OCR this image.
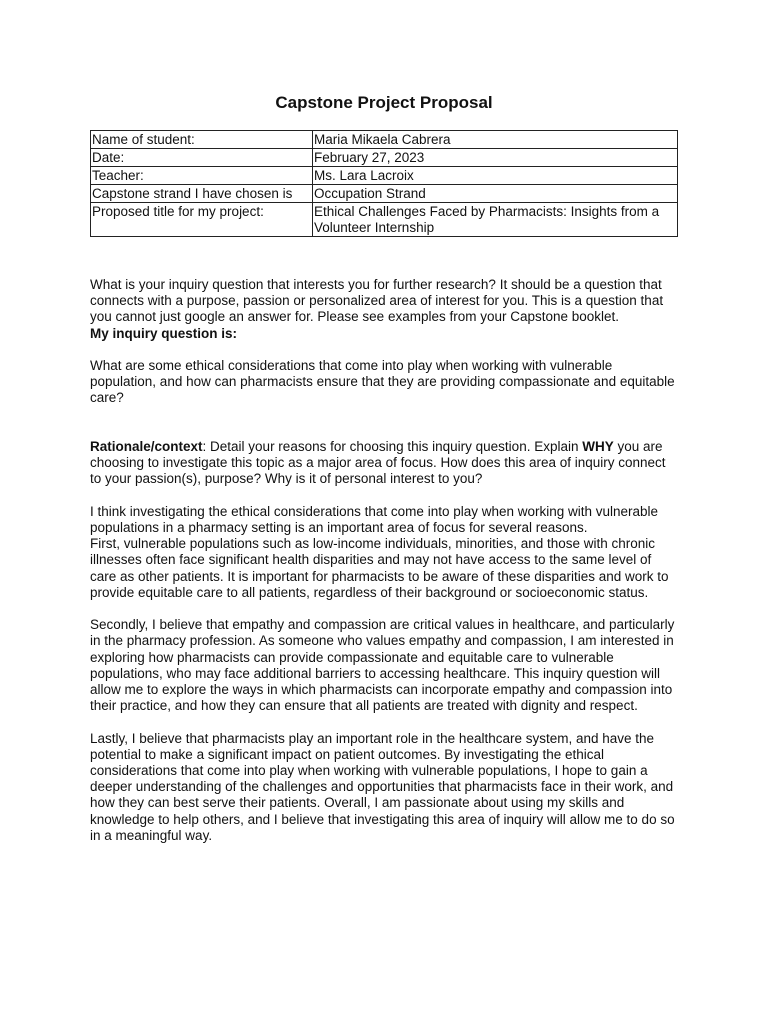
Capstone Project Proposal
Name of student:	Maria Mikaela Cabrera
Date:	February 27, 2023
Teacher:	Ms. Lara Lacroix
Capstone strand I have chosen is	Occupation Strand
Proposed title for my project:	Ethical Challenges Faced by Pharmacists: Insights from a Volunteer Internship

What is your inquiry question that interests you for further research? It should be a question that connects with a purpose, passion or personalized area of interest for you. This is a question that you cannot just google an answer for. Please see examples from your Capstone booklet.

My inquiry question is:

What are some ethical considerations that come into play when working with vulnerable population, and how can pharmacists ensure that they are providing compassionate and equitable care?

Rationale/context: Detail your reasons for choosing this inquiry question. Explain WHY you are choosing to investigate this topic as a major area of focus. How does this area of inquiry connect to your passion(s), purpose? Why is it of personal interest to you?

I think investigating the ethical considerations that come into play when working with vulnerable populations in a pharmacy setting is an important area of focus for several reasons.

First, vulnerable populations such as low-income individuals, minorities, and those with chronic illnesses often face significant health disparities and may not have access to the same level of care as other patients. It is important for pharmacists to be aware of these disparities and work to provide equitable care to all patients, regardless of their background or socioeconomic status.

Secondly, I believe that empathy and compassion are critical values in healthcare, and particularly in the pharmacy profession. As someone who values empathy and compassion, I am interested in exploring how pharmacists can provide compassionate and equitable care to vulnerable populations, who may face additional barriers to accessing healthcare. This inquiry question will allow me to explore the ways in which pharmacists can incorporate empathy and compassion into their practice, and how they can ensure that all patients are treated with dignity and respect.

Lastly, I believe that pharmacists play an important role in the healthcare system, and have the potential to make a significant impact on patient outcomes. By investigating the ethical considerations that come into play when working with vulnerable populations, I hope to gain a deeper understanding of the challenges and opportunities that pharmacists face in their work, and how they can best serve their patients. Overall, I am passionate about using my skills and knowledge to help others, and I believe that investigating this area of inquiry will allow me to do so in a meaningful way.
